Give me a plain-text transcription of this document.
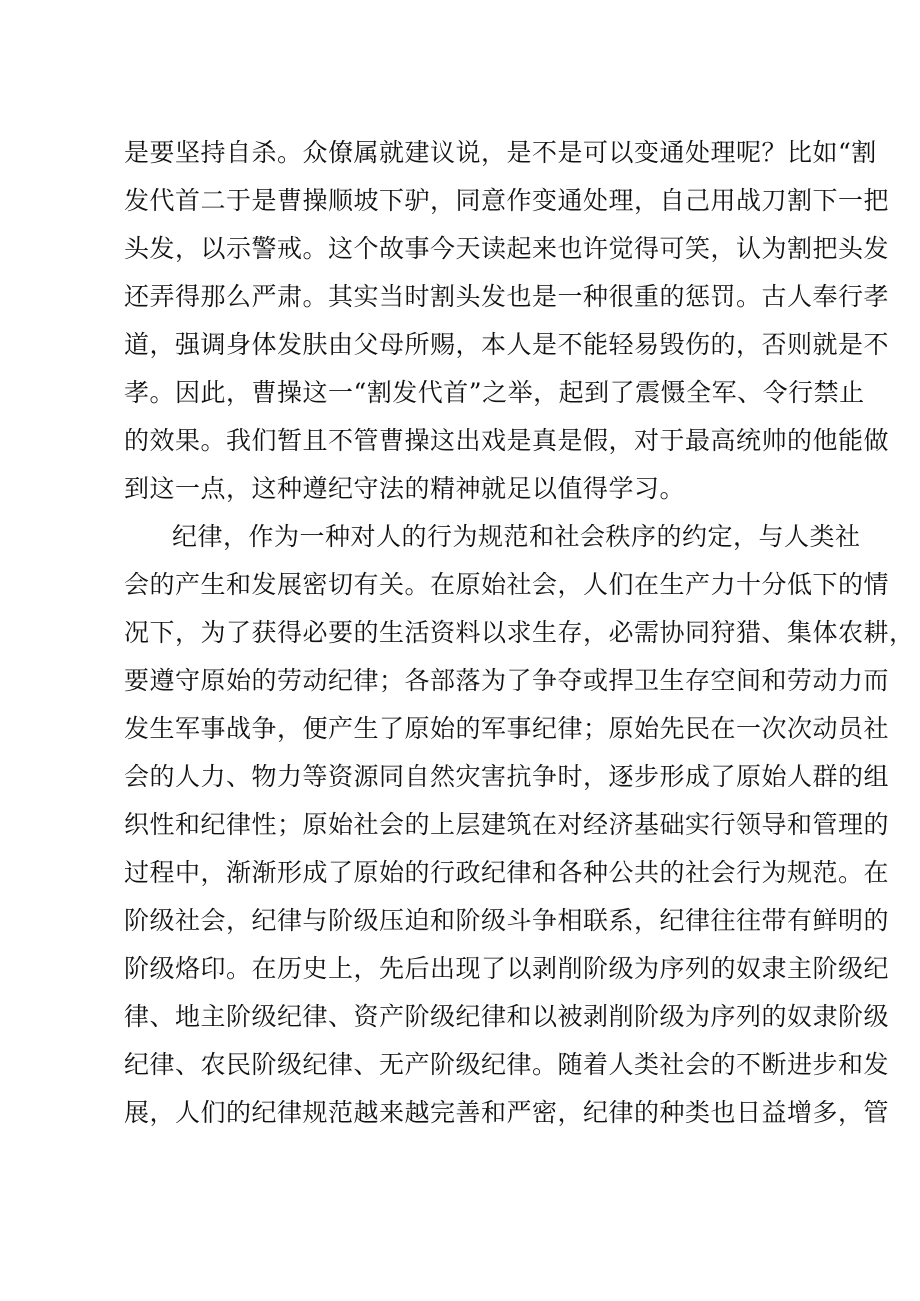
是要坚持自杀。众僚属就建议说，是不是可以变通处理呢？比如“割
发代首二于是曹操顺坡下驴，同意作变通处理，自己用战刀割下一把
头发，以示警戒。这个故事今天读起来也许觉得可笑，认为割把头发
还弄得那么严肃。其实当时割头发也是一种很重的惩罚。古人奉行孝
道，强调身体发肤由父母所赐，本人是不能轻易毁伤的，否则就是不
孝。因此，曹操这一“割发代首”之举，起到了震慑全军、令行禁止
的效果。我们暂且不管曹操这出戏是真是假，对于最高统帅的他能做
到这一点，这种遵纪守法的精神就足以值得学习。
纪律，作为一种对人的行为规范和社会秩序的约定，与人类社
会的产生和发展密切有关。在原始社会，人们在生产力十分低下的情
况下，为了获得必要的生活资料以求生存，必需协同狩猎、集体农耕，
要遵守原始的劳动纪律；各部落为了争夺或捍卫生存空间和劳动力而
发生军事战争，便产生了原始的军事纪律；原始先民在一次次动员社
会的人力、物力等资源同自然灾害抗争时，逐步形成了原始人群的组
织性和纪律性；原始社会的上层建筑在对经济基础实行领导和管理的
过程中，渐渐形成了原始的行政纪律和各种公共的社会行为规范。在
阶级社会，纪律与阶级压迫和阶级斗争相联系，纪律往往带有鲜明的
阶级烙印。在历史上，先后出现了以剥削阶级为序列的奴隶主阶级纪
律、地主阶级纪律、资产阶级纪律和以被剥削阶级为序列的奴隶阶级
纪律、农民阶级纪律、无产阶级纪律。随着人类社会的不断进步和发
展，人们的纪律规范越来越完善和严密，纪律的种类也日益增多，管
